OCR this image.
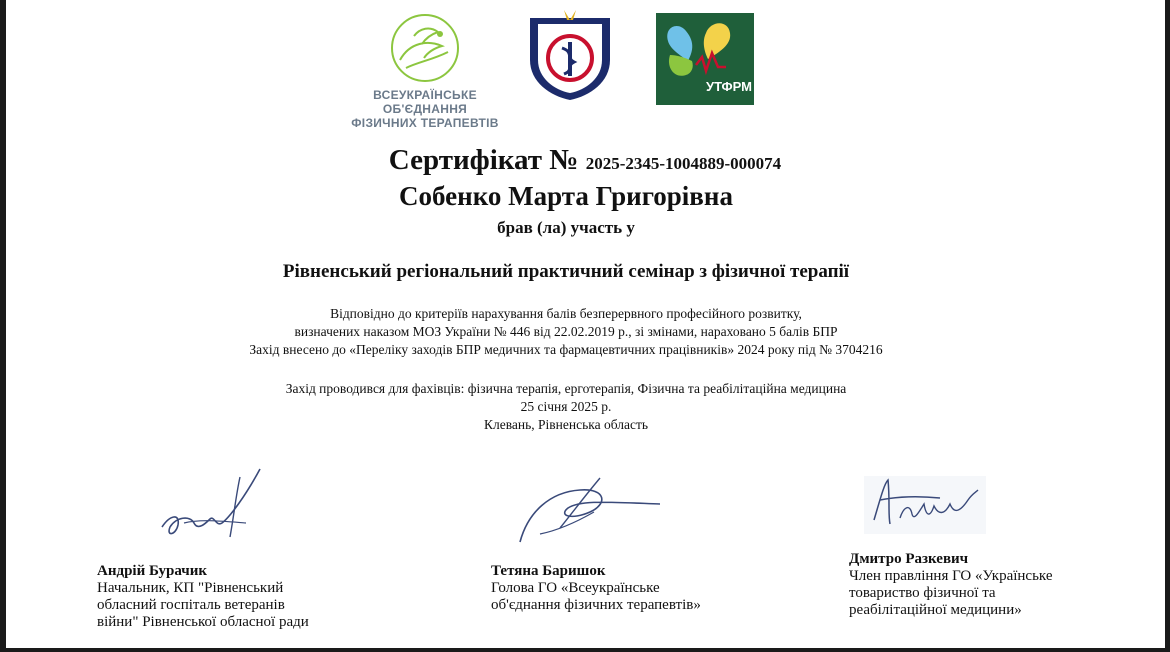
ВСЕУКРАЇНСЬКЕ ОБ'ЄДНАННЯ
ФІЗИЧНИХ ТЕРАПЕВТІВ
УТФРМ
Сертифікат № 2025-2345-1004889-000074
Собенко Марта Григорівна
брав (ла) участь у
Рівненський регіональний практичний семінар з фізичної терапії
Відповідно до критеріїв нарахування балів безперервного професійного розвитку,
визначених наказом МОЗ України № 446 від 22.02.2019 р., зі змінами, нараховано 5 балів БПР
Захід внесено до «Переліку заходів БПР медичних та фармацевтичних працівників» 2024 року під № 3704216
Захід проводився для фахівців: фізична терапія, ерготерапія, Фізична та реабілітаційна медицина
25 січня 2025 р.
Клевань, Рівненська область
Андрій Бурачик
Начальник, КП "Рівненський
обласний госпіталь ветеранів
війни" Рівненської обласної ради
Тетяна Баришок
Голова ГО «Всеукраїнське
об'єднання фізичних терапевтів»
Дмитро Разкевич
Член правління ГО «Українське
товариство фізичної та
реабілітаційної медицини»
